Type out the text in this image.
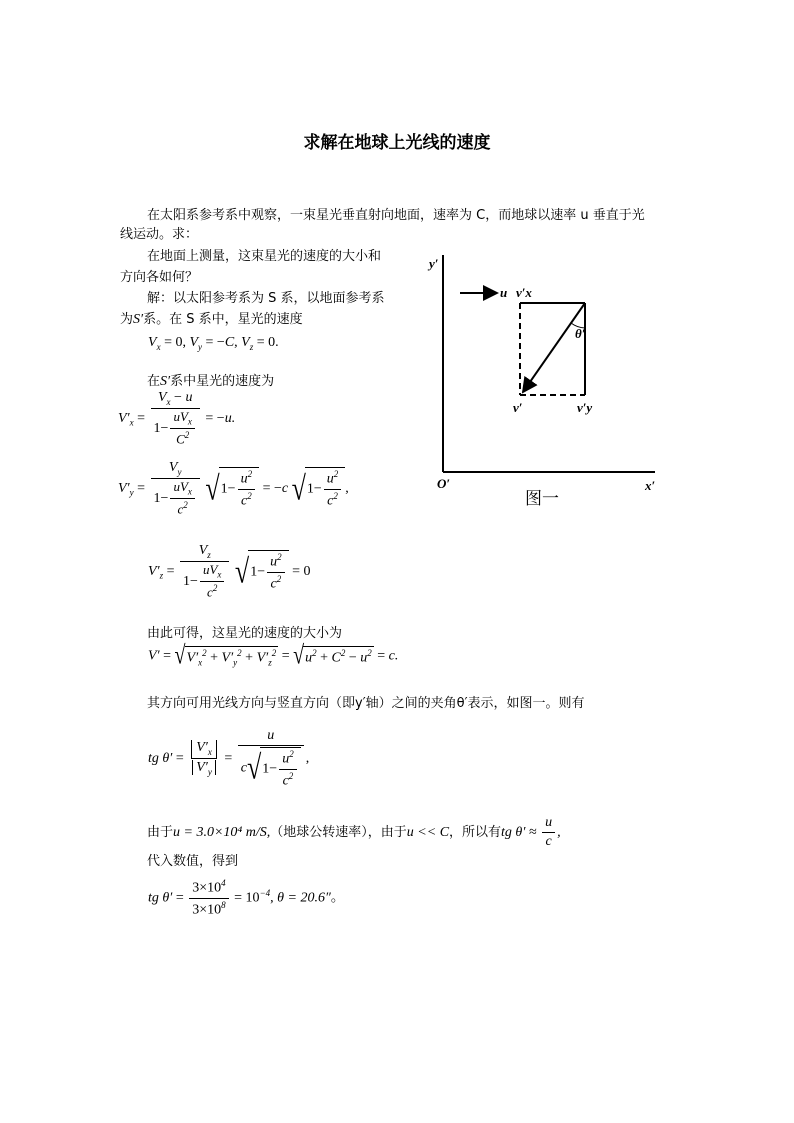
求解在地球上光线的速度
在太阳系参考系中观察，一束星光垂直射向地面，速率为 C，而地球以速率 u 垂直于光
线运动。求：
在地面上测量，这束星光的速度的大小和
方向各如何？
解：以太阳参考系为 S 系，以地面参考系
为S′系。在 S 系中，星光的速度
$V_x = 0$, $V_y = -C$, $V_z = 0$.
在S′系中星光的速度为
$V'_x = \frac{V_x - u}{1- \frac{uV_x}{C^2}} = -u$.
$V'_y = \frac{V_y}{1- \frac{uV_x}{c^2}} √1- \frac{u^2}{c^2} = -c$ $√1- \frac{u^2}{c^2}$ ,
$V'_z = \frac{V_z}{1- \frac{uV_x}{c^2}} √1- \frac{u^2}{c^2} = 0$
由此可得，这星光的速度的大小为
$V' = √V'_x^2 + V'_y^2 + V'_z^2 = √u^2 + C^2 - u^2 = c$.
其方向可用光线方向与竖直方向（即y′轴）之间的夹角θ′表示，如图一。则有
tg $\theta' = \frac{V'_x}{V'_y} = \frac{u}{c√1- \frac{u^2}{c^2}}$ ,
由于u = 3.0×10⁴ m/S,（地球公转速率），由于u << C，所以有tg $\theta' \approx \frac{u}{c}$ ,
代入数值，得到
tg $\theta' = \frac{3\times 10^4}{3\times 10^8} = 10^{-4}$, θ = 20.6″。
y′
x′
O′
u v′x
θ′
v′	v′y
图一
